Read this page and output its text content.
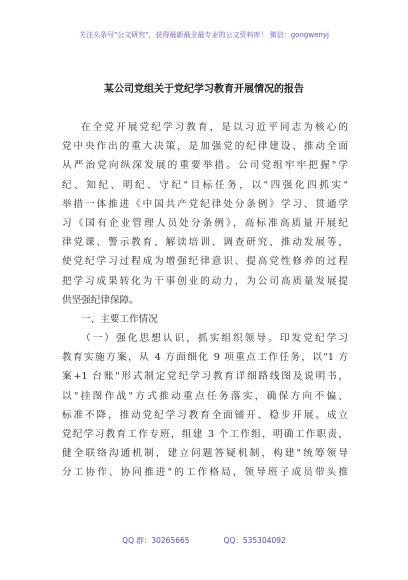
关注头条号"公文研究"，获得最新最全最专业的公文资料库！ 微信：gongwenyj
某公司党组关于党纪学习教育开展情况的报告
在全党开展党纪学习教育，是以习近平同志为核心的
党中央作出的重大决策，是加强党的纪律建设、推动全面
从严治党向纵深发展的重要举措。公司党组牢牢把握"学
纪、知纪、明纪、守纪"目标任务，以"四强化四抓实"
举措一体推进《中国共产党纪律处分条例》学习、贯通学
习《国有企业管理人员处分条例》，高标准高质量开展纪
律党课、警示教育、解读培训、调查研究、推动发展等，
使党纪学习过程成为增强纪律意识、提高党性修养的过程
把学习成果转化为干事创业的动力，为公司高质量发展提
供坚强纪律保障。
一、主要工作情况
（一）强化思想认识，抓实组织领导。印发党纪学习
教育实施方案，从 4 方面细化 9 项重点工作任务，以"1 方
案+1 台账"形式制定党纪学习教育详细路线图及说明书，
以"挂图作战"方式推动重点任务落实，确保方向不偏、
标准不降，推动党纪学习教育全面铺开、稳步开展。成立
党纪学习教育工作专班，组建 3 个工作组，明确工作职责，
健全联络沟通机制，建立问题答疑机制，构建"统筹领导
分工协作、协同推进"的工作格局，领导班子成员带头推
QQ 群：30265665	QQ：535304092
